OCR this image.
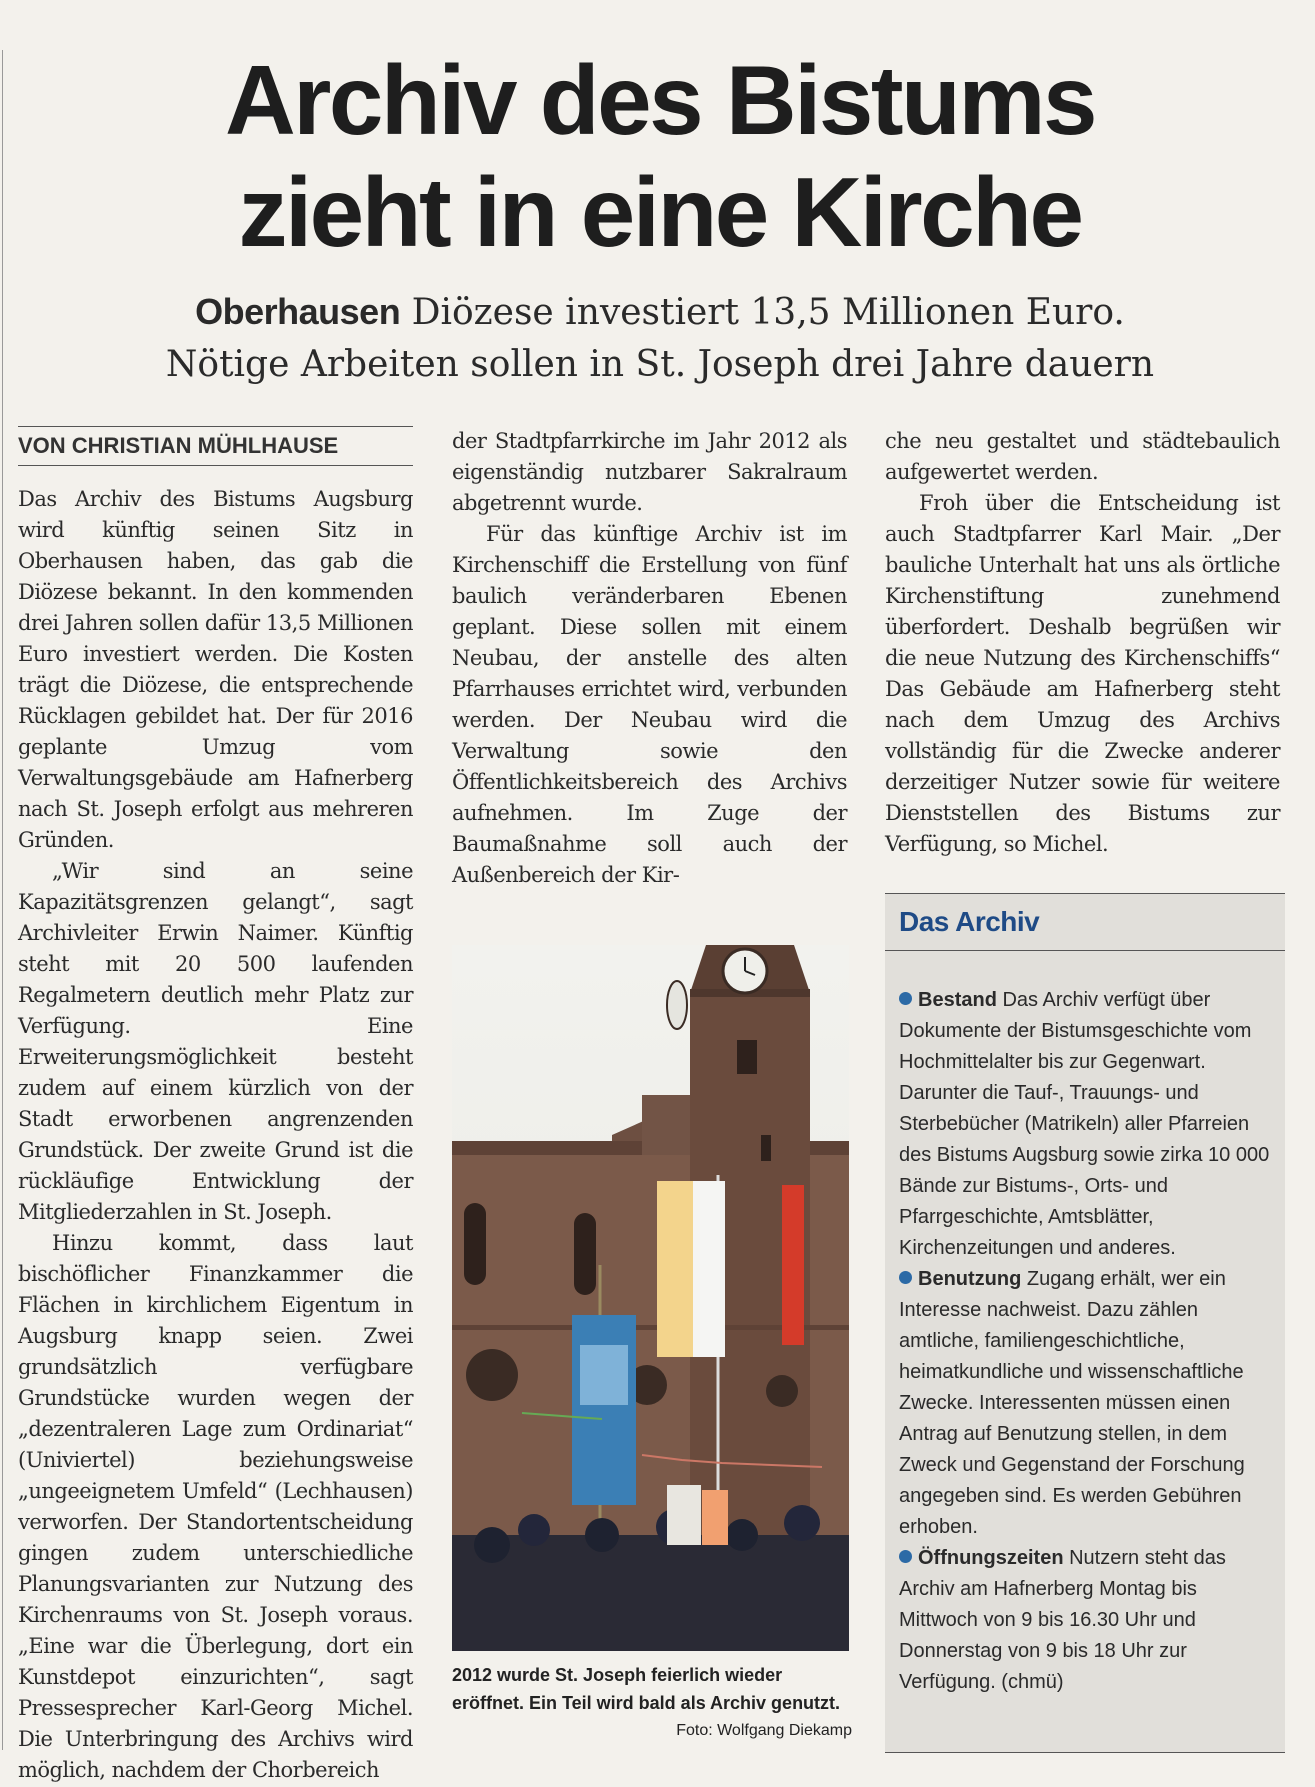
Archiv des Bistums
zieht in eine Kirche

Oberhausen Diözese investiert 13,5 Millionen Euro.
Nötige Arbeiten sollen in St. Joseph drei Jahre dauern

VON CHRISTIAN MÜHLHAUSE

Das Archiv des Bistums Augsburg wird künftig seinen Sitz in Oberhausen haben, das gab die Diözese bekannt. In den kommenden drei Jahren sollen dafür 13,5 Millionen Euro investiert werden. Die Kosten trägt die Diözese, die entsprechende Rücklagen gebildet hat. Der für 2016 geplante Umzug vom Verwaltungsgebäude am Hafnerberg nach St. Joseph erfolgt aus mehreren Gründen.

„Wir sind an seine Kapazitätsgrenzen gelangt“, sagt Archivleiter Erwin Naimer. Künftig steht mit 20 500 laufenden Regalmetern deutlich mehr Platz zur Verfügung. Eine Erweiterungsmöglichkeit besteht zudem auf einem kürzlich von der Stadt erworbenen angrenzenden Grundstück. Der zweite Grund ist die rückläufige Entwicklung der Mitgliederzahlen in St. Joseph.

Hinzu kommt, dass laut bischöflicher Finanzkammer die Flächen in kirchlichem Eigentum in Augsburg knapp seien. Zwei grundsätzlich verfügbare Grundstücke wurden wegen der „dezentraleren Lage zum Ordinariat“ (Univiertel) beziehungsweise „ungeeignetem Umfeld“ (Lechhausen) verworfen. Der Standortentscheidung gingen zudem unterschiedliche Planungsvarianten zur Nutzung des Kirchenraums von St. Joseph voraus. „Eine war die Überlegung, dort ein Kunstdepot einzurichten“, sagt Pressesprecher Karl-Georg Michel. Die Unterbringung des Archivs wird möglich, nachdem der Chorbereich

der Stadtpfarrkirche im Jahr 2012 als eigenständig nutzbarer Sakralraum abgetrennt wurde.

Für das künftige Archiv ist im Kirchenschiff die Erstellung von fünf baulich veränderbaren Ebenen geplant. Diese sollen mit einem Neubau, der anstelle des alten Pfarrhauses errichtet wird, verbunden werden. Der Neubau wird die Verwaltung sowie den Öffentlichkeitsbereich des Archivs aufnehmen. Im Zuge der Baumaßnahme soll auch der Außenbereich der Kir-

2012 wurde St. Joseph feierlich wieder eröffnet. Ein Teil wird bald als Archiv genutzt.
Foto: Wolfgang Diekamp

che neu gestaltet und städtebaulich aufgewertet werden.

Froh über die Entscheidung ist auch Stadtpfarrer Karl Mair. „Der bauliche Unterhalt hat uns als örtliche Kirchenstiftung zunehmend überfordert. Deshalb begrüßen wir die neue Nutzung des Kirchenschiffs“ Das Gebäude am Hafnerberg steht nach dem Umzug des Archivs vollständig für die Zwecke anderer derzeitiger Nutzer sowie für weitere Dienststellen des Bistums zur Verfügung, so Michel.

Das Archiv

Bestand Das Archiv verfügt über Dokumente der Bistumsgeschichte vom Hochmittelalter bis zur Gegenwart. Darunter die Tauf-, Trauungs- und Sterbebücher (Matrikeln) aller Pfarreien des Bistums Augsburg sowie zirka 10 000 Bände zur Bistums-, Orts- und Pfarrgeschichte, Amtsblätter, Kirchenzeitungen und anderes.

Benutzung Zugang erhält, wer ein Interesse nachweist. Dazu zählen amtliche, familiengeschichtliche, heimatkundliche und wissenschaftliche Zwecke. Interessenten müssen einen Antrag auf Benutzung stellen, in dem Zweck und Gegenstand der Forschung angegeben sind. Es werden Gebühren erhoben.

Öffnungszeiten Nutzern steht das Archiv am Hafnerberg Montag bis Mittwoch von 9 bis 16.30 Uhr und Donnerstag von 9 bis 18 Uhr zur Verfügung. (chmü)
